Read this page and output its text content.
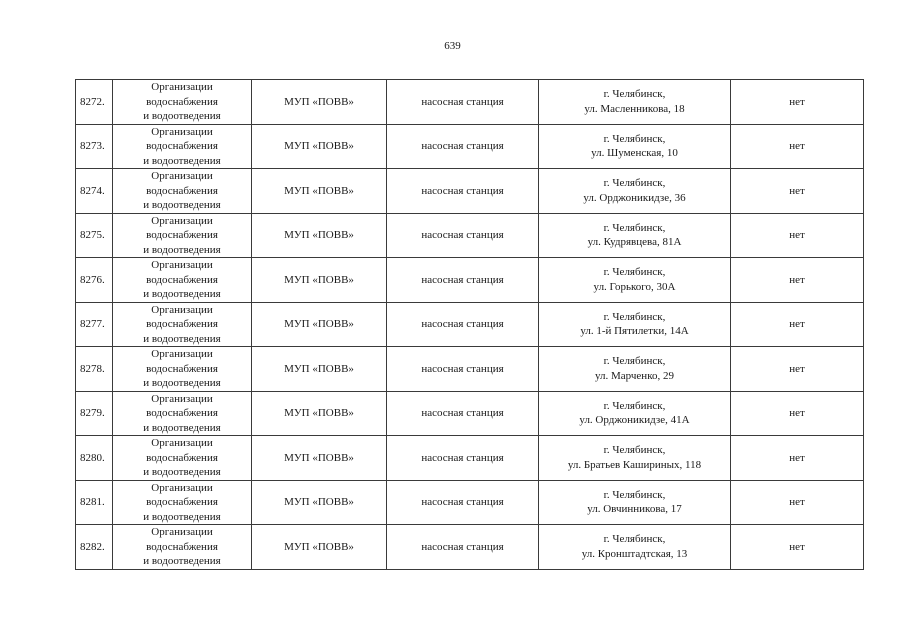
639
8272.	Организации
водоснабжения
и водоотведения	МУП «ПОВВ»	насосная станция	г. Челябинск,
ул. Масленникова, 18	нет
8273.	Организации
водоснабжения
и водоотведения	МУП «ПОВВ»	насосная станция	г. Челябинск,
ул. Шуменская, 10	нет
8274.	Организации
водоснабжения
и водоотведения	МУП «ПОВВ»	насосная станция	г. Челябинск,
ул. Орджоникидзе, 36	нет
8275.	Организации
водоснабжения
и водоотведения	МУП «ПОВВ»	насосная станция	г. Челябинск,
ул. Кудрявцева, 81А	нет
8276.	Организации
водоснабжения
и водоотведения	МУП «ПОВВ»	насосная станция	г. Челябинск,
ул. Горького, 30А	нет
8277.	Организации
водоснабжения
и водоотведения	МУП «ПОВВ»	насосная станция	г. Челябинск,
ул. 1-й Пятилетки, 14А	нет
8278.	Организации
водоснабжения
и водоотведения	МУП «ПОВВ»	насосная станция	г. Челябинск,
ул. Марченко, 29	нет
8279.	Организации
водоснабжения
и водоотведения	МУП «ПОВВ»	насосная станция	г. Челябинск,
ул. Орджоникидзе, 41А	нет
8280.	Организации
водоснабжения
и водоотведения	МУП «ПОВВ»	насосная станция	г. Челябинск,
ул. Братьев Кашириных, 118	нет
8281.	Организации
водоснабжения
и водоотведения	МУП «ПОВВ»	насосная станция	г. Челябинск,
ул. Овчинникова, 17	нет
8282.	Организации
водоснабжения
и водоотведения	МУП «ПОВВ»	насосная станция	г. Челябинск,
ул. Кронштадтская, 13	нет
